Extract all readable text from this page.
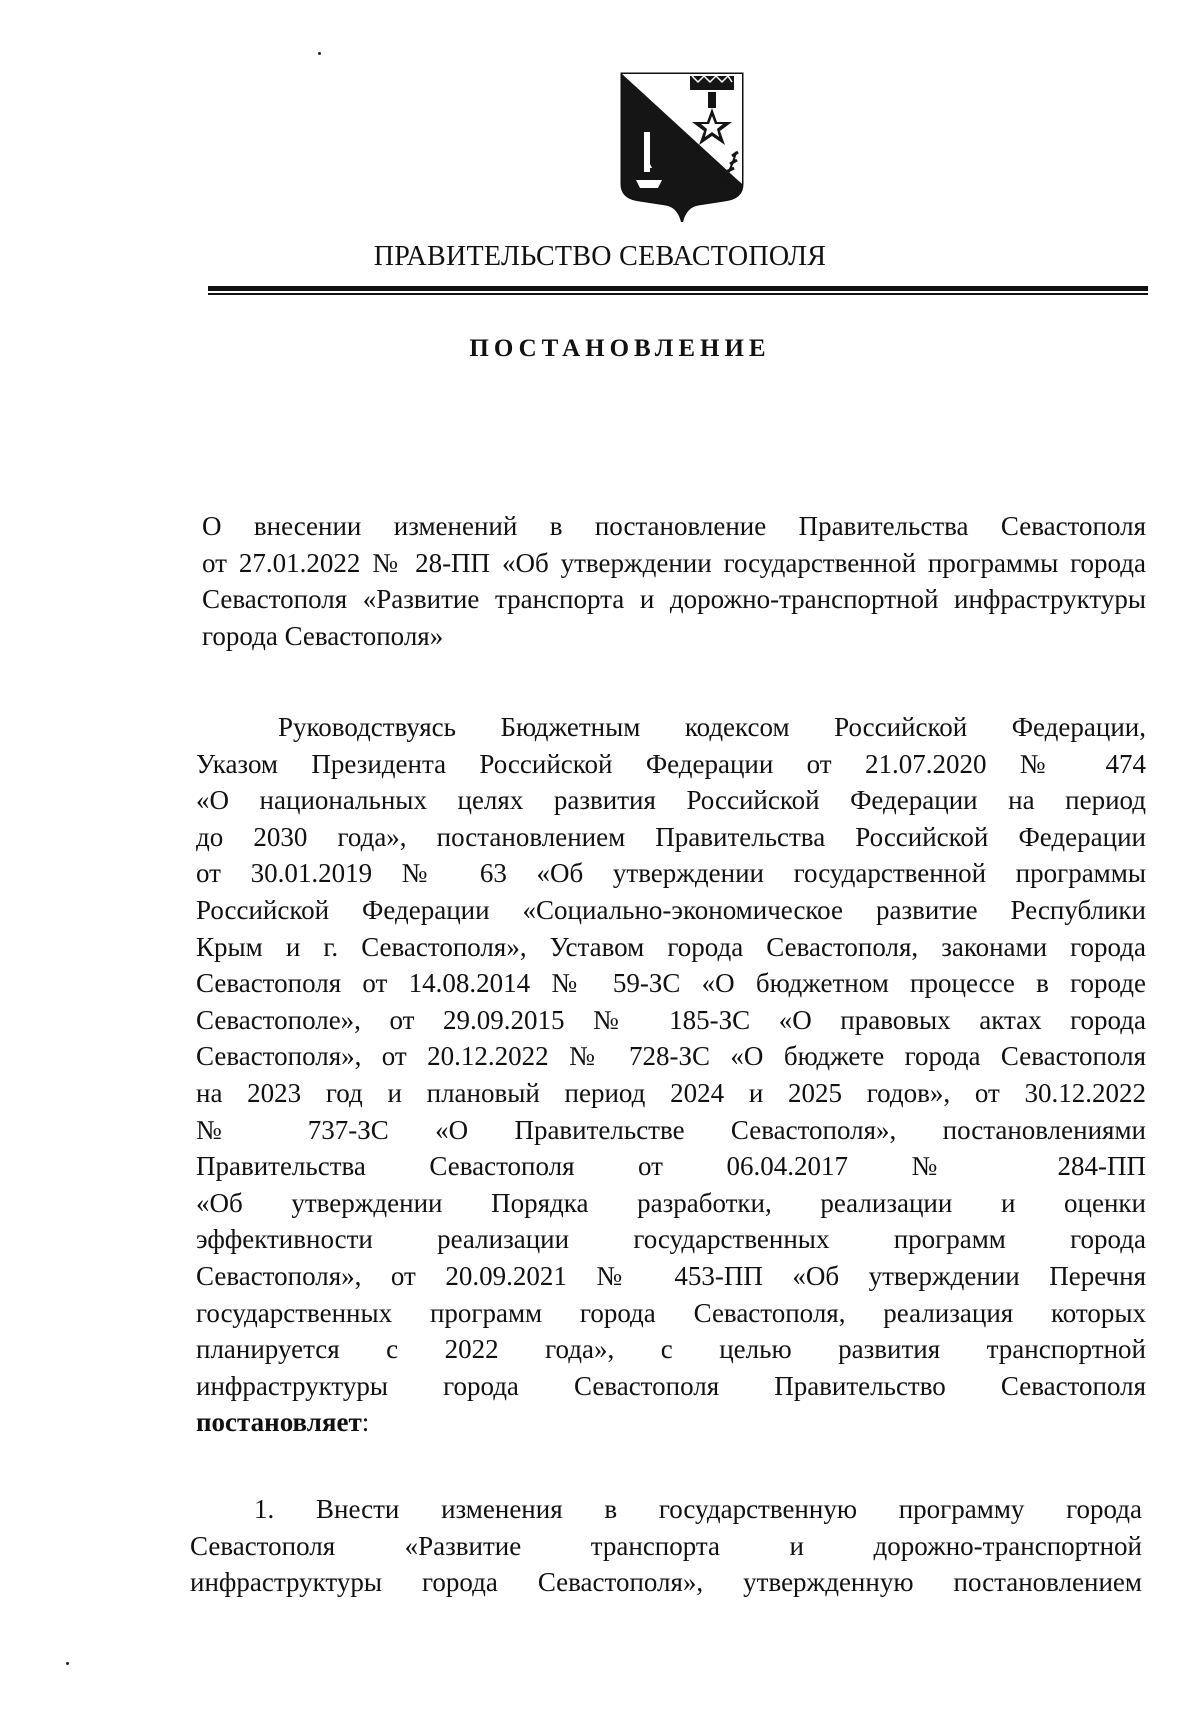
ПРАВИТЕЛЬСТВО СЕВАСТОПОЛЯ
ПОСТАНОВЛЕНИЕ
О внесении изменений в постановление Правительства Севастополя
от 27.01.2022 № 28-ПП «Об утверждении государственной программы города
Севастополя «Развитие транспорта и дорожно-транспортной инфраструктуры
города Севастополя»
Руководствуясь Бюджетным кодексом Российской Федерации,
Указом Президента Российской Федерации от 21.07.2020 № 474
«О национальных целях развития Российской Федерации на период
до 2030 года», постановлением Правительства Российской Федерации
от 30.01.2019 № 63 «Об утверждении государственной программы
Российской Федерации «Социально-экономическое развитие Республики
Крым и г. Севастополя», Уставом города Севастополя, законами города
Севастополя от 14.08.2014 № 59-ЗС «О бюджетном процессе в городе
Севастополе», от 29.09.2015 № 185-ЗС «О правовых актах города
Севастополя», от 20.12.2022 № 728-ЗС «О бюджете города Севастополя
на 2023 год и плановый период 2024 и 2025 годов», от 30.12.2022
№ 737-ЗС «О Правительстве Севастополя», постановлениями
Правительства Севастополя от 06.04.2017 № 284-ПП
«Об утверждении Порядка разработки, реализации и оценки
эффективности реализации государственных программ города
Севастополя», от 20.09.2021 № 453-ПП «Об утверждении Перечня
государственных программ города Севастополя, реализация которых
планируется с 2022 года», с целью развития транспортной
инфраструктуры города Севастополя Правительство Севастополя
постановляет:
1. Внести изменения в государственную программу города
Севастополя «Развитие транспорта и дорожно-транспортной
инфраструктуры города Севастополя», утвержденную постановлением
